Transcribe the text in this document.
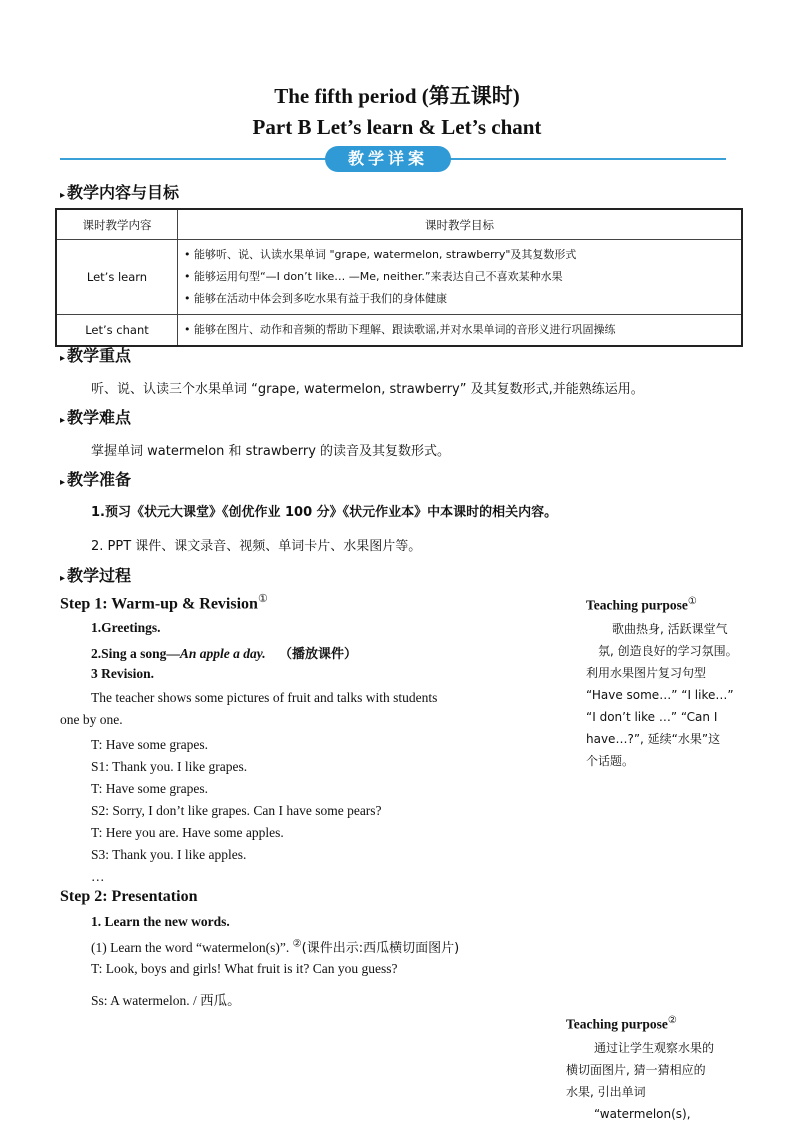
The fifth period (第五课时)
Part B Let’s learn & Let’s chant
教学详案
▸ 教学内容与目标
课时教学内容	课时教学目标
Let’s learn	• 能够听、说、认读水果单词 "grape, watermelon, strawberry"及其复数形式
• 能够运用句型“—I don’t like… —Me, neither.”来表达自己不喜欢某种水果
• 能够在活动中体会到多吃水果有益于我们的身体健康

Let’s chant	• 能够在图片、动作和音频的帮助下理解、跟读歌谣,并对水果单词的音形义进行巩固操练
▸ 教学重点
听、说、认读三个水果单词 “grape, watermelon, strawberry” 及其复数形式,并能熟练运用。
▸ 教学难点
掌握单词 watermelon 和 strawberry 的读音及其复数形式。
▸ 教学准备
1.预习《状元大课堂》《创优作业 100 分》《状元作业本》中本课时的相关内容。
2. PPT 课件、课文录音、视频、单词卡片、水果图片等。
▸ 教学过程
Step 1: Warm-up & Revision①
1.Greetings.
2.Sing a song—An apple a day. （播放课件）
3 Revision.
The teacher shows some pictures of fruit and talks with students
one by one.
T: Have some grapes.
S1: Thank you. I like grapes.
T: Have some grapes.
S2: Sorry, I don’t like grapes. Can I have some pears?
T: Here you are. Have some apples.
S3: Thank you. I like apples.
…
Step 2: Presentation
1. Learn the new words.
(1) Learn the word “watermelon(s)”. ②(课件出示:西瓜横切面图片)
T: Look, boys and girls! What fruit is it? Can you guess?
Ss: A watermelon. / 西瓜。
Teaching purpose①
歌曲热身, 活跃课堂气
氛, 创造良好的学习氛围。
利用水果图片复习句型
“Have some…” “I like…”
“I don’t like …” “Can I
have…?”, 延续“水果”这
个话题。
Teaching purpose②
通过让学生观察水果的
横切面图片, 猜一猜相应的
水果, 引出单词
“watermelon(s),
